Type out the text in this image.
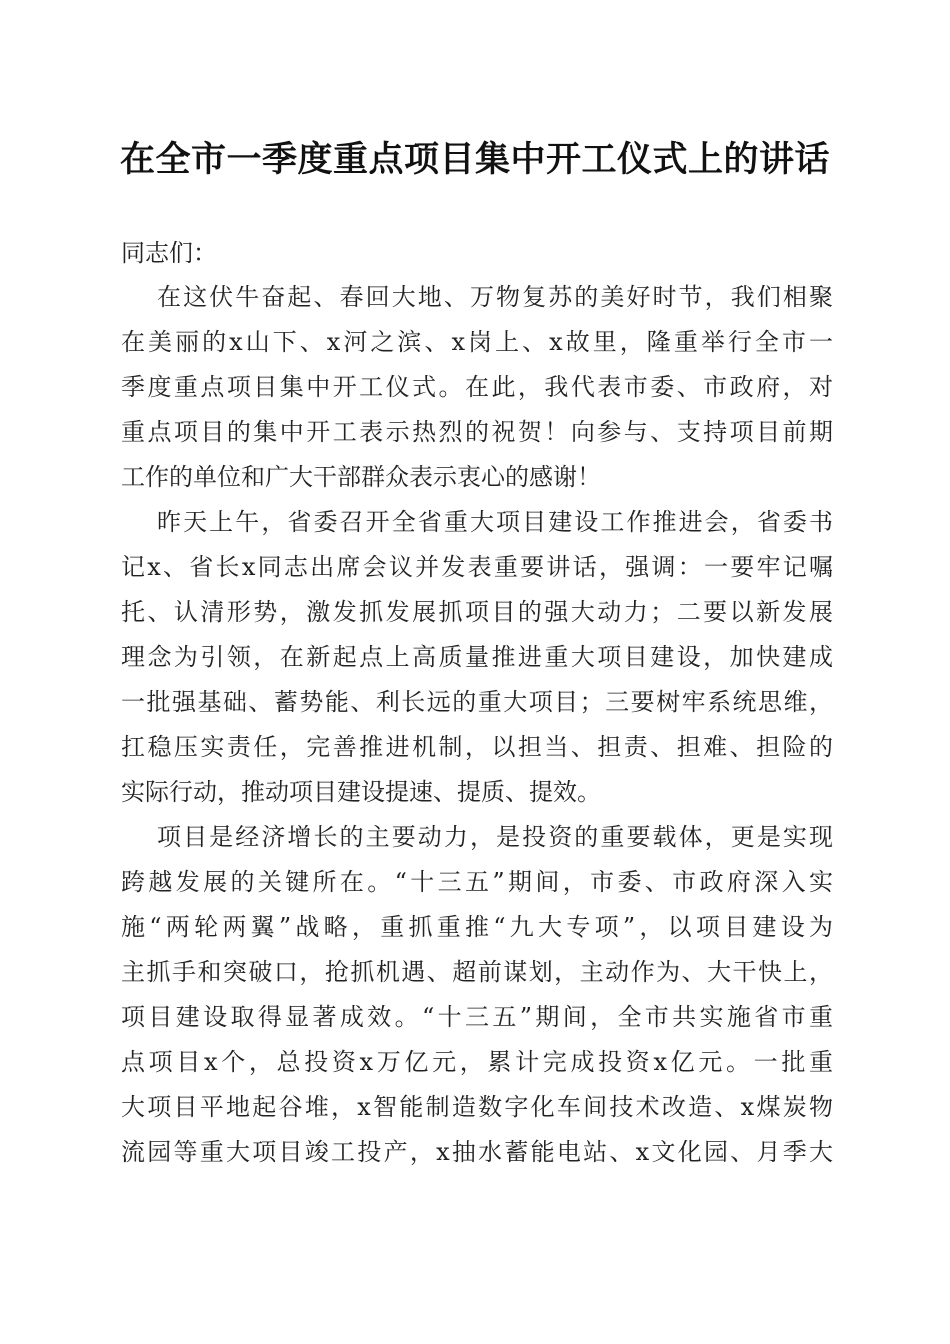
在全市一季度重点项目集中开工仪式上的讲话
同志们：
在这伏牛奋起、春回大地、万物复苏的美好时节，我们相聚
在美丽的x山下、x河之滨、x岗上、x故里，隆重举行全市一
季度重点项目集中开工仪式。在此，我代表市委、市政府，对
重点项目的集中开工表示热烈的祝贺！向参与、支持项目前期
工作的单位和广大干部群众表示衷心的感谢！
昨天上午，省委召开全省重大项目建设工作推进会，省委书
记x、省长x同志出席会议并发表重要讲话，强调：一要牢记嘱
托、认清形势，激发抓发展抓项目的强大动力；二要以新发展
理念为引领，在新起点上高质量推进重大项目建设，加快建成
一批强基础、蓄势能、利长远的重大项目；三要树牢系统思维，
扛稳压实责任，完善推进机制，以担当、担责、担难、担险的
实际行动，推动项目建设提速、提质、提效。
项目是经济增长的主要动力，是投资的重要载体，更是实现
跨越发展的关键所在。“十三五”期间，市委、市政府深入实
施“两轮两翼”战略，重抓重推“九大专项”，以项目建设为
主抓手和突破口，抢抓机遇、超前谋划，主动作为、大干快上，
项目建设取得显著成效。“十三五”期间，全市共实施省市重
点项目x个，总投资x万亿元，累计完成投资x亿元。一批重
大项目平地起谷堆，x智能制造数字化车间技术改造、x煤炭物
流园等重大项目竣工投产，x抽水蓄能电站、x文化园、月季大
